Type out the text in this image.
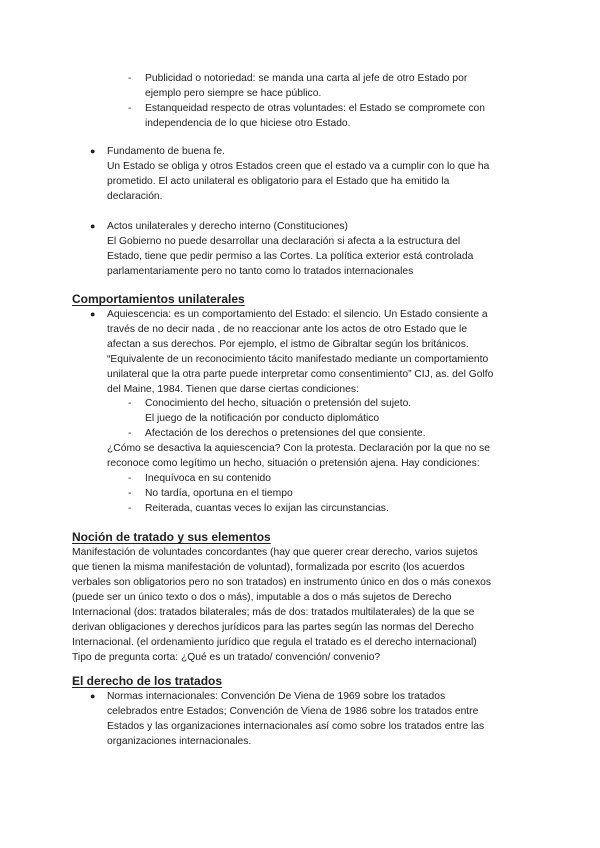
-	Publicidad o notoriedad: se manda una carta al jefe de otro Estado por
ejemplo pero siempre se hace público.

-	Estanqueidad respecto de otras voluntades: el Estado se compromete con
independencia de lo que hiciese otro Estado.

●	Fundamento de buena fe.

Un Estado se obliga y otros Estados creen que el estado va a cumplir con lo que ha
prometido. El acto unilateral es obligatorio para el Estado que ha emitido la
declaración.

●	Actos unilaterales y derecho interno (Constituciones)

El Gobierno no puede desarrollar una declaración si afecta a la estructura del
Estado, tiene que pedir permiso a las Cortes. La política exterior está controlada
parlamentariamente pero no tanto como lo tratados internacionales

Comportamientos unilaterales
●	Aquiescencia: es un comportamiento del Estado: el silencio. Un Estado consiente a
través de no decir nada , de no reaccionar ante los actos de otro Estado que le
afectan a sus derechos. Por ejemplo, el istmo de Gibraltar según los británicos.
“Equivalente de un reconocimiento tácito manifestado mediante un comportamiento
unilateral que la otra parte puede interpretar como consentimiento” CIJ, as. del Golfo
del Maine, 1984. Tienen que darse ciertas condiciones:

-	Conocimiento del hecho, situación o pretensión del sujeto.
El juego de la notificación por conducto diplomático

-	Afectación de los derechos o pretensiones del que consiente.

¿Cómo se desactiva la aquiescencia? Con la protesta. Declaración por la que no se
reconoce como legítimo un hecho, situación o pretensión ajena. Hay condiciones:

-	Inequívoca en su contenido

-	No tardía, oportuna en el tiempo

-	Reiterada, cuantas veces lo exijan las circunstancias.

Noción de tratado y sus elementos

Manifestación de voluntades concordantes (hay que querer crear derecho, varios sujetos
que tienen la misma manifestación de voluntad), formalizada por escrito (los acuerdos
verbales son obligatorios pero no son tratados) en instrumento único en dos o más conexos
(puede ser un único texto o dos o más), imputable a dos o más sujetos de Derecho
Internacional (dos: tratados bilaterales; más de dos: tratados multilaterales) de la que se
derivan obligaciones y derechos jurídicos para las partes según las normas del Derecho
Internacional. (el ordenamiento jurídico que regula el tratado es el derecho internacional)
Tipo de pregunta corta: ¿Qué es un tratado/ convención/ convenio?

El derecho de los tratados
●	Normas internacionales: Convención De Viena de 1969 sobre los tratados
celebrados entre Estados; Convención de Viena de 1986 sobre los tratados entre
Estados y las organizaciones internacionales así como sobre los tratados entre las
organizaciones internacionales.
